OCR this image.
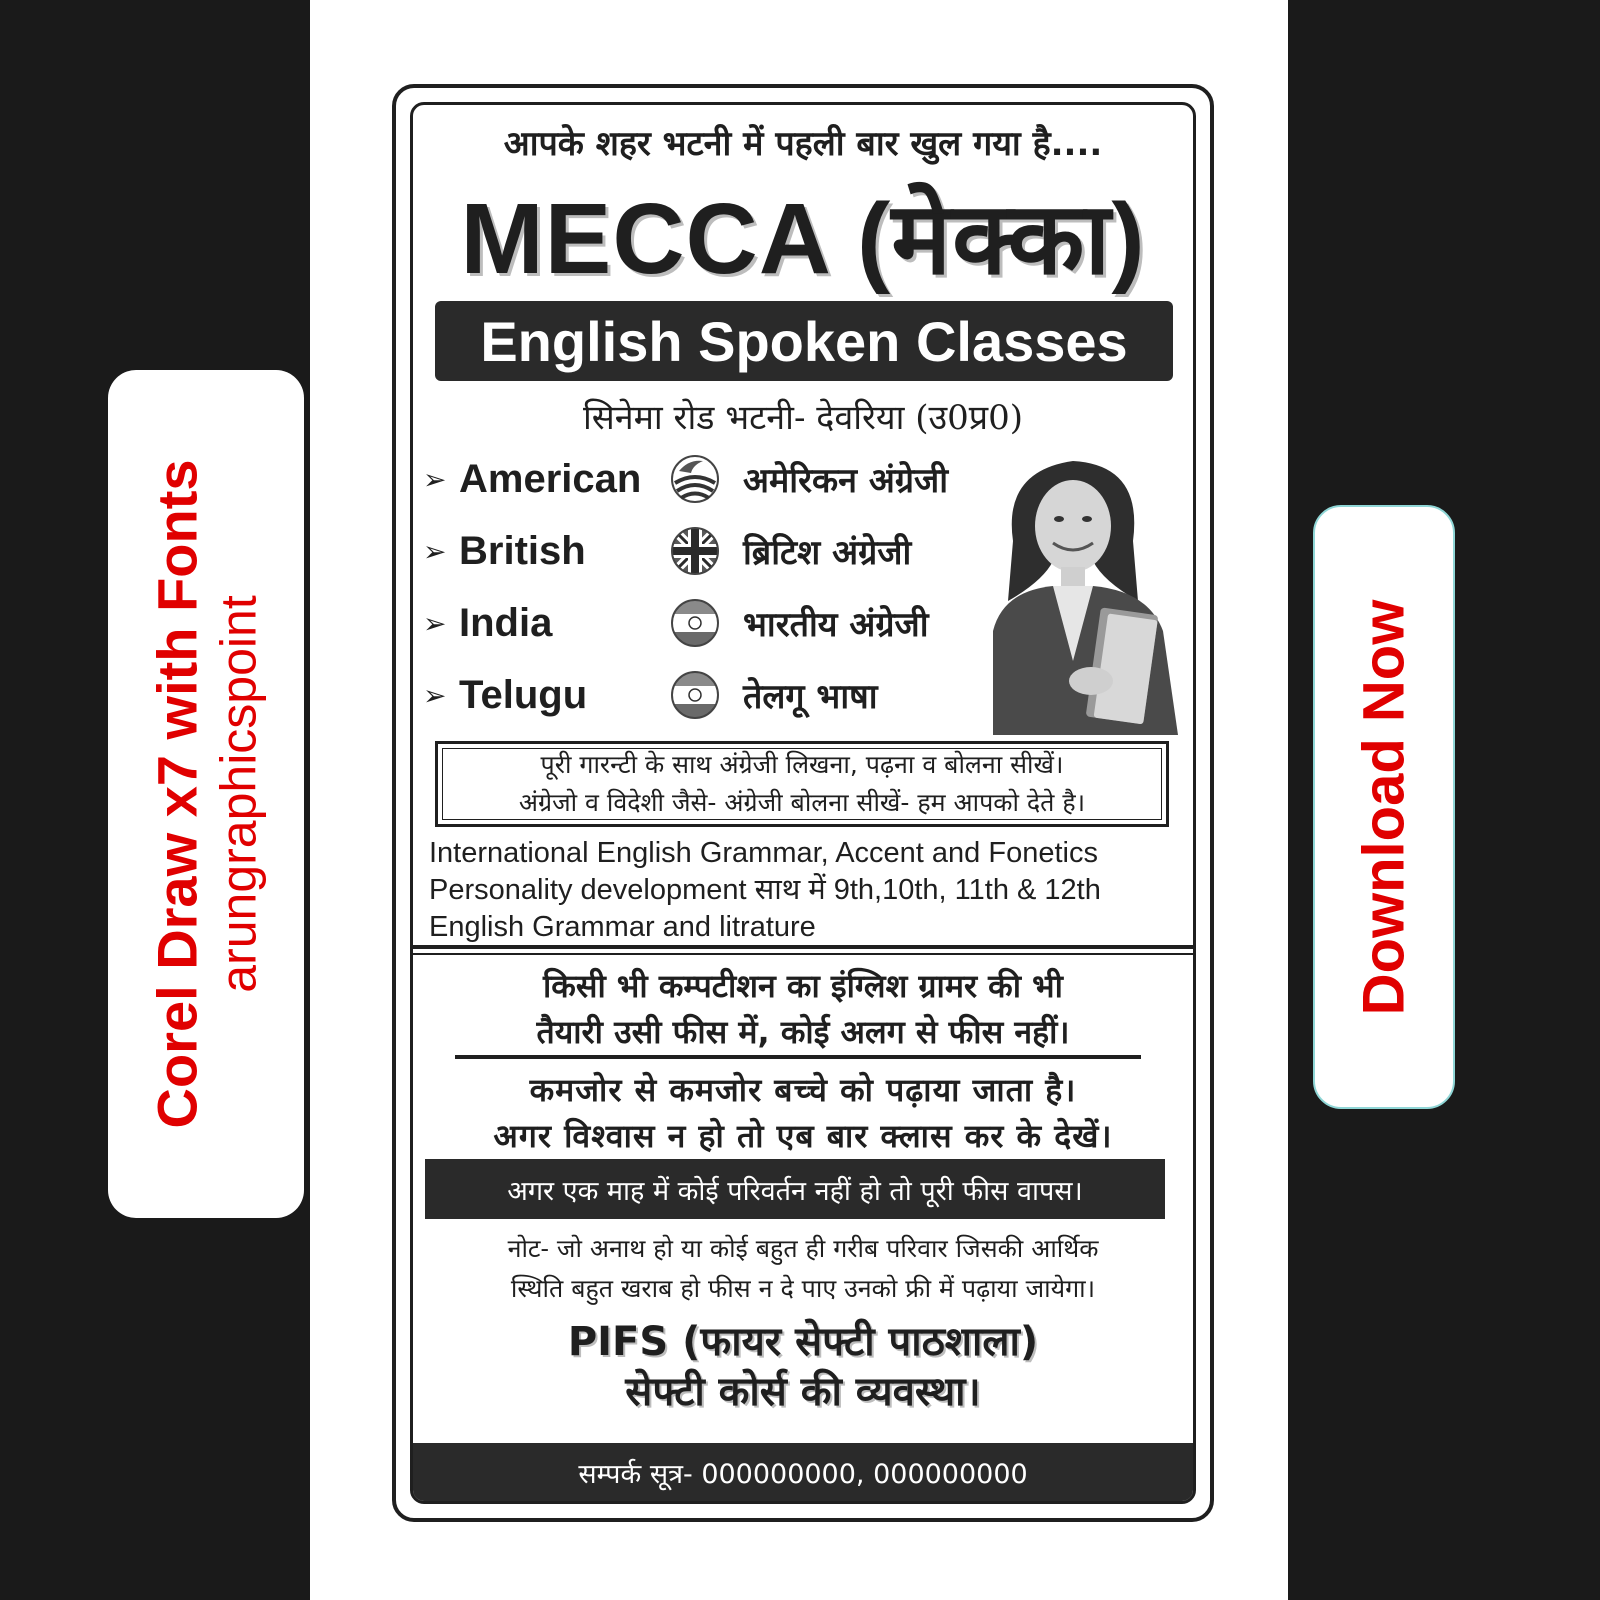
Corel Draw x7 with Fonts arungraphicspoint	Download Now
आपके शहर भटनी में पहली बार खुल गया है....
MECCA (मेक्का)
English Spoken Classes
सिनेमा रोड भटनी- देवरिया (उ0प्र0)
➢ American	अमेरिकन अंग्रेजी
➢ British	ब्रिटिश अंग्रेजी
➢ India	भारतीय अंग्रेजी
➢ Telugu	तेलगू भाषा
पूरी गारन्टी के साथ अंग्रेजी लिखना, पढ़ना व बोलना सीखें।
अंग्रेजो व विदेशी जैसे- अंग्रेजी बोलना सीखें- हम आपको देते है।
International English Grammar, Accent and Fonetics
Personality development साथ में 9th,10th, 11th & 12th
English Grammar and litrature
किसी भी कम्पटीशन का इंग्लिश ग्रामर की भी
तैयारी उसी फीस में, कोई अलग से फीस नहीं।
कमजोर से कमजोर बच्चे को पढ़ाया जाता है।
अगर विश्वास न हो तो एब बार क्लास कर के देखें।
अगर एक माह में कोई परिवर्तन नहीं हो तो पूरी फीस वापस।
नोट- जो अनाथ हो या कोई बहुत ही गरीब परिवार जिसकी आर्थिक
स्थिति बहुत खराब हो फीस न दे पाए उनको फ्री में पढ़ाया जायेगा।
PIFS (फायर सेफ्टी पाठशाला)
सेफ्टी कोर्स की व्यवस्था।
सम्पर्क सूत्र- 000000000, 000000000
